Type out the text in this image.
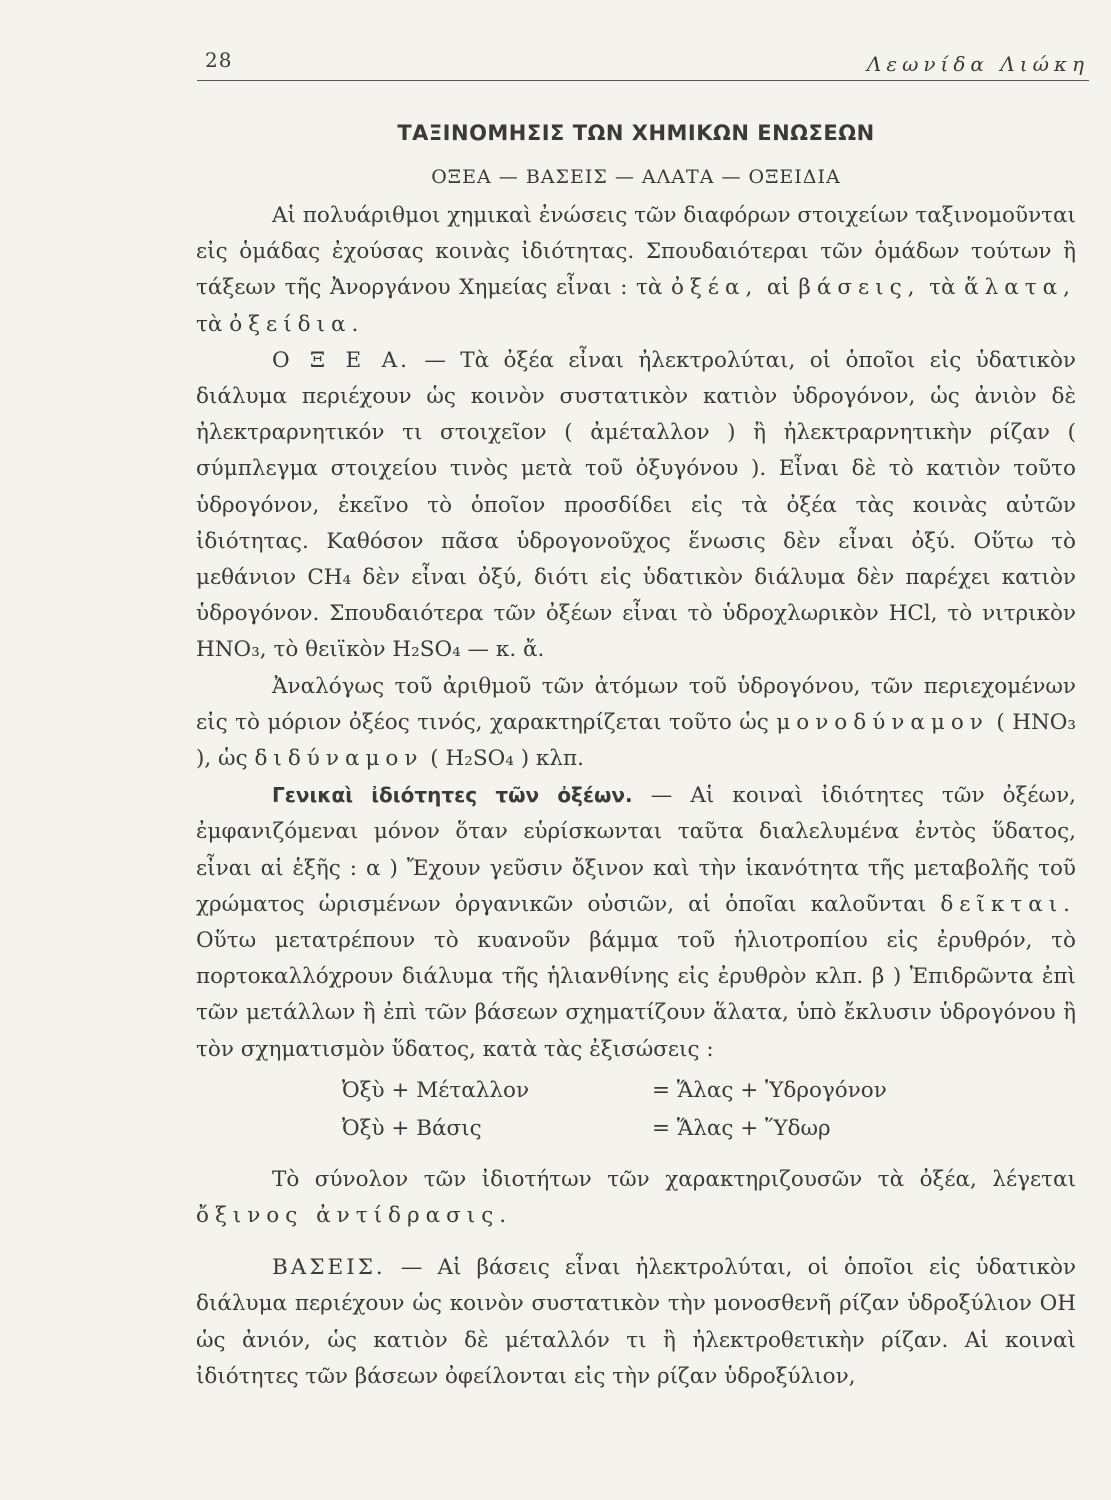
28	Λεωνίδα Λιώκη
ΤΑΞΙΝΟΜΗΣΙΣ ΤΩΝ ΧΗΜΙΚΩΝ ΕΝΩΣΕΩΝ
ΟΞΕΑ — ΒΑΣΕΙΣ — ΑΛΑΤΑ — ΟΞΕΙΔΙΑ

Αἱ πολυάριθμοι χημικαὶ ἐνώσεις τῶν διαφόρων στοιχείων ταξινομοῦνται εἰς ὁμάδας ἐχούσας κοινὰς ἰδιότητας. Σπουδαιότεραι τῶν ὁμάδων τούτων ἢ τάξεων τῆς Ἀνοργάνου Χημείας εἶναι : τὰ ὀξέα, αἱ βάσεις, τὰ ἅλατα, τὰ ὀξείδια.

Ο Ξ Ε Α. — Τὰ ὀξέα εἶναι ἠλεκτρολύται, οἱ ὁποῖοι εἰς ὑδατικὸν διάλυμα περιέχουν ὡς κοινὸν συστατικὸν κατιὸν ὑδρογόνον, ὡς ἀνιὸν δὲ ἠλεκτραρνητικόν τι στοιχεῖον ( ἀμέταλλον ) ἢ ἠλεκτραρνητικὴν ρίζαν ( σύμπλεγμα στοιχείου τινὸς μετὰ τοῦ ὀξυγόνου ). Εἶναι δὲ τὸ κατιὸν τοῦτο ὑδρογόνον, ἐκεῖνο τὸ ὁποῖον προσδίδει εἰς τὰ ὀξέα τὰς κοινὰς αὐτῶν ἰδιότητας. Καθόσον πᾶσα ὑδρογονοῦχος ἕνωσις δὲν εἶναι ὀξύ. Οὕτω τὸ μεθάνιον CH₄ δὲν εἶναι ὀξύ, διότι εἰς ὑδατικὸν διάλυμα δὲν παρέχει κατιὸν ὑδρογόνον. Σπουδαιότερα τῶν ὀξέων εἶναι τὸ ὑδροχλωρικὸν HCl, τὸ νιτρικὸν HNO₃, τὸ θειϊκὸν H₂SO₄ — κ. ἄ.

Ἀναλόγως τοῦ ἀριθμοῦ τῶν ἀτόμων τοῦ ὑδρογόνου, τῶν περιεχομένων εἰς τὸ μόριον ὀξέος τινός, χαρακτηρίζεται τοῦτο ὡς μονοδύναμον ( HNO₃ ), ὡς διδύναμον ( H₂SO₄ ) κλπ.

Γενικαὶ ἰδιότητες τῶν ὀξέων. — Αἱ κοιναὶ ἰδιότητες τῶν ὀξέων, ἐμφανιζόμεναι μόνον ὅταν εὑρίσκωνται ταῦτα διαλελυμένα ἐντὸς ὕδατος, εἶναι αἱ ἑξῆς : α ) Ἔχουν γεῦσιν ὄξινον καὶ τὴν ἱκανότητα τῆς μεταβολῆς τοῦ χρώματος ὡρισμένων ὀργανικῶν οὐσιῶν, αἱ ὁποῖαι καλοῦνται δεῖκται. Οὕτω μετατρέπουν τὸ κυανοῦν βάμμα τοῦ ἡλιοτροπίου εἰς ἐρυθρόν, τὸ πορτοκαλλόχρουν διάλυμα τῆς ἡλιανθίνης εἰς ἐρυθρὸν κλπ. β ) Ἐπιδρῶντα ἐπὶ τῶν μετάλλων ἢ ἐπὶ τῶν βάσεων σχηματίζουν ἅλατα, ὑπὸ ἔκλυσιν ὑδρογόνου ἢ τὸν σχηματισμὸν ὕδατος, κατὰ τὰς ἐξισώσεις :

Ὀξὺ + Μέταλλον	= Ἅλας + Ὑδρογόνον
Ὀξὺ + Βάσις	= Ἅλας + Ὕδωρ

Τὸ σύνολον τῶν ἰδιοτήτων τῶν χαρακτηριζουσῶν τὰ ὀξέα, λέγεται ὄξινος ἀντίδρασις.

ΒΑΣΕΙΣ. — Αἱ βάσεις εἶναι ἠλεκτρολύται, οἱ ὁποῖοι εἰς ὑδατικὸν διάλυμα περιέχουν ὡς κοινὸν συστατικὸν τὴν μονοσθενῆ ρίζαν ὑδροξύλιον ΟΗ ὡς ἀνιόν, ὡς κατιὸν δὲ μέταλλόν τι ἢ ἠλεκτροθετικὴν ρίζαν. Αἱ κοιναὶ ἰδιότητες τῶν βάσεων ὀφείλονται εἰς τὴν ρίζαν ὑδροξύλιον,
